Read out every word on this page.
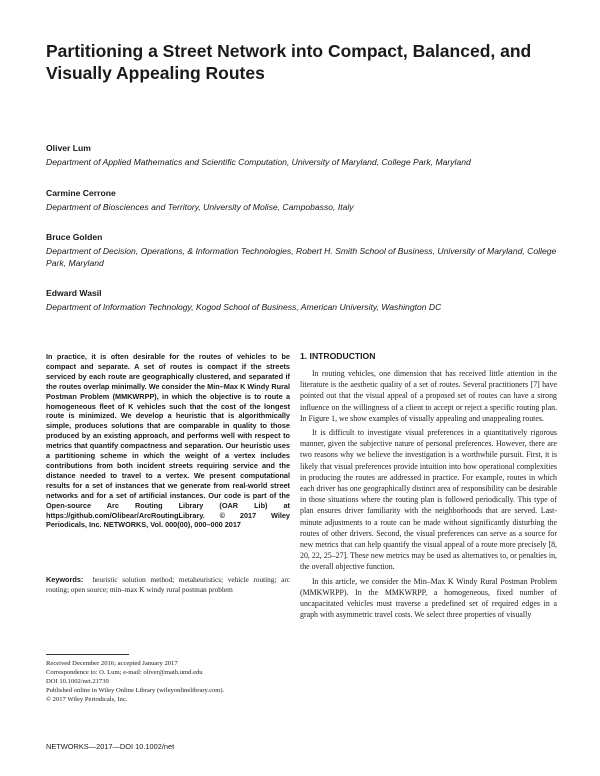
Partitioning a Street Network into Compact, Balanced, and Visually Appealing Routes
Oliver Lum
Department of Applied Mathematics and Scientific Computation, University of Maryland, College Park, Maryland
Carmine Cerrone
Department of Biosciences and Territory, University of Molise, Campobasso, Italy
Bruce Golden
Department of Decision, Operations, & Information Technologies, Robert H. Smith School of Business, University of Maryland, College Park, Maryland
Edward Wasil
Department of Information Technology, Kogod School of Business, American University, Washington DC

In practice, it is often desirable for the routes of vehicles to be compact and separate. A set of routes is compact if the streets serviced by each route are geographically clustered, and separated if the routes overlap minimally. We consider the Min–Max K Windy Rural Postman Problem (MMKWRPP), in which the objective is to route a homogeneous fleet of K vehicles such that the cost of the longest route is minimized. We develop a heuristic that is algorithmically simple, produces solutions that are comparable in quality to those produced by an existing approach, and performs well with respect to metrics that quantify compactness and separation. Our heuristic uses a partitioning scheme in which the weight of a vertex includes contributions from both incident streets requiring service and the distance needed to travel to a vertex. We present computational results for a set of instances that we generate from real-world street networks and for a set of artificial instances. Our code is part of the Open-source Arc Routing Library (OAR Lib) at https://github.com/Olibear/ArcRoutingLibrary. © 2017 Wiley Periodicals, Inc. NETWORKS, Vol. 000(00), 000–000 2017

Keywords: heuristic solution method; metaheuristics; vehicle routing; arc routing; open source; min–max K windy rural postman problem

Received December 2016; accepted January 2017
Correspondence to: O. Lum; e-mail: oliver@math.umd.edu
DOI 10.1002/net.21730
Published online in Wiley Online Library (wileyonlinelibrary.com).
© 2017 Wiley Periodicals, Inc.
NETWORKS—2017—DOI 10.1002/net
1. INTRODUCTION

In routing vehicles, one dimension that has received little attention in the literature is the aesthetic quality of a set of routes. Several practitioners [7] have pointed out that the visual appeal of a proposed set of routes can have a strong influence on the willingness of a client to accept or reject a specific routing plan. In Figure 1, we show examples of visually appealing and unappealing routes.

It is difficult to investigate visual preferences in a quantitatively rigorous manner, given the subjective nature of personal preferences. However, there are two reasons why we believe the investigation is a worthwhile pursuit. First, it is likely that visual preferences provide intuition into how operational complexities in producing the routes are addressed in practice. For example, routes in which each driver has one geographically distinct area of responsibility can be desirable in those situations where the routing plan is followed periodically. This type of plan ensures driver familiarity with the neighborhoods that are served. Last-minute adjustments to a route can be made without significantly disturbing the routes of other drivers. Second, the visual preferences can serve as a source for new metrics that can help quantify the visual appeal of a route more precisely [8, 20, 22, 25–27]. These new metrics may be used as alternatives to, or penalties in, the overall objective function.

In this article, we consider the Min–Max K Windy Rural Postman Problem (MMKWRPP). In the MMKWRPP, a homogeneous, fixed number of uncapacitated vehicles must traverse a predefined set of required edges in a graph with asymmetric travel costs. We select three properties of visually
